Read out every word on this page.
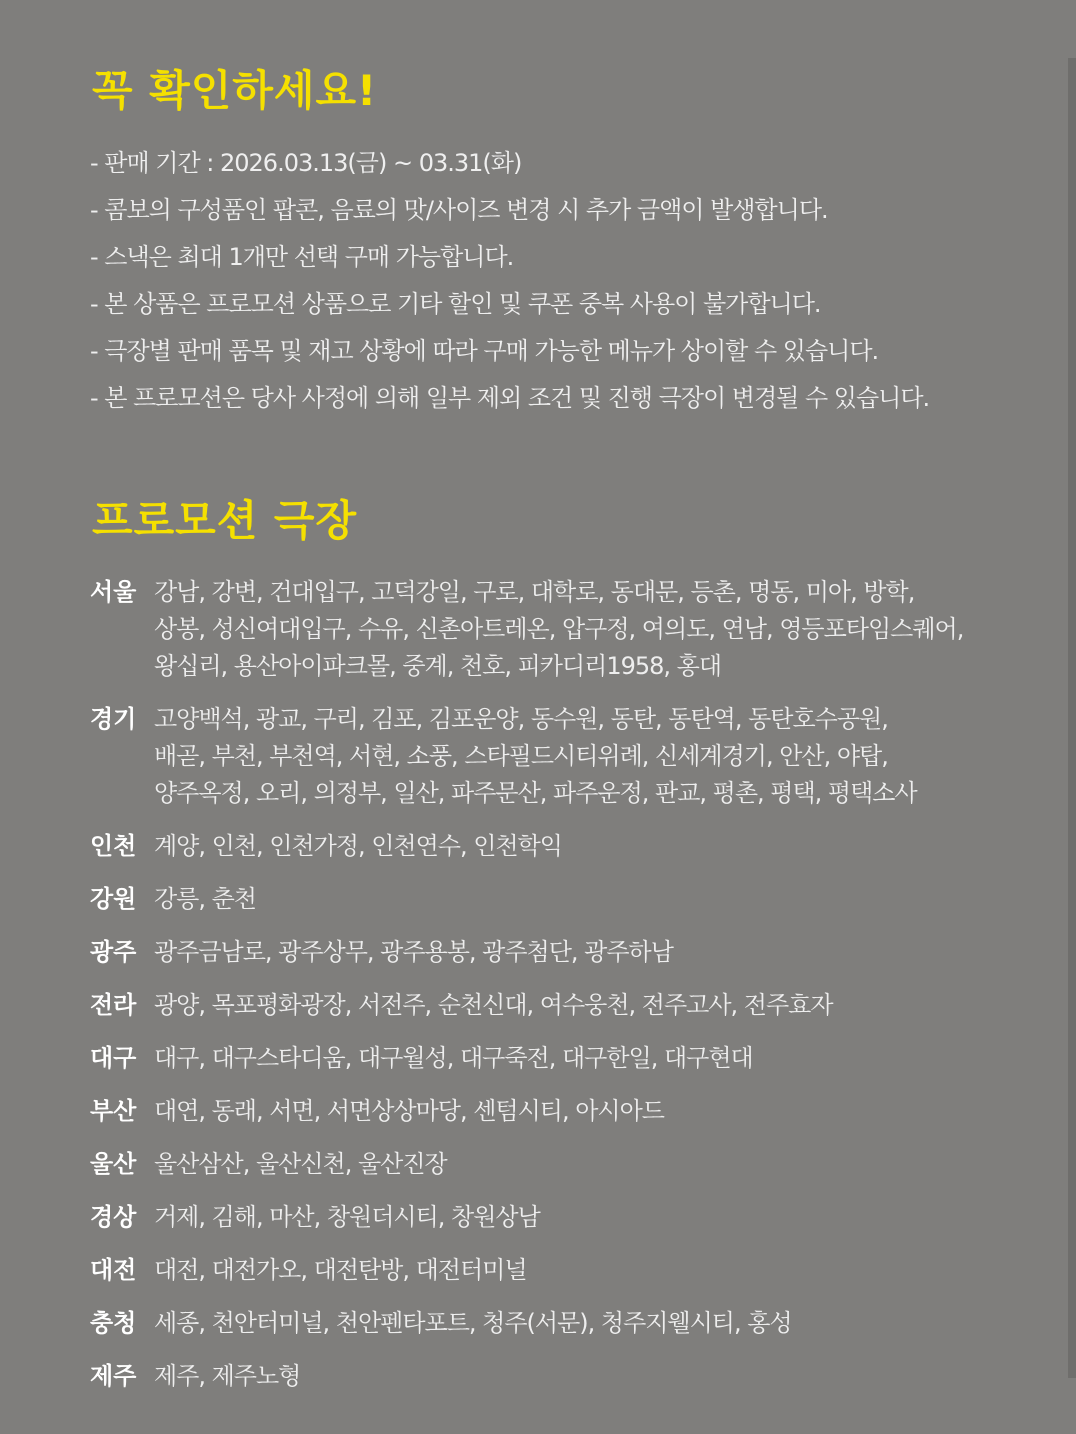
꼭 확인하세요!
- 판매 기간 : 2026.03.13(금) ~ 03.31(화)
- 콤보의 구성품인 팝콘, 음료의 맛/사이즈 변경 시 추가 금액이 발생합니다.
- 스낵은 최대 1개만 선택 구매 가능합니다.
- 본 상품은 프로모션 상품으로 기타 할인 및 쿠폰 중복 사용이 불가합니다.
- 극장별 판매 품목 및 재고 상황에 따라 구매 가능한 메뉴가 상이할 수 있습니다.
- 본 프로모션은 당사 사정에 의해 일부 제외 조건 및 진행 극장이 변경될 수 있습니다.
프로모션 극장
서울 강남, 강변, 건대입구, 고덕강일, 구로, 대학로, 동대문, 등촌, 명동, 미아, 방학,
상봉, 성신여대입구, 수유, 신촌아트레온, 압구정, 여의도, 연남, 영등포타임스퀘어,
왕십리, 용산아이파크몰, 중계, 천호, 피카디리1958, 홍대
경기 고양백석, 광교, 구리, 김포, 김포운양, 동수원, 동탄, 동탄역, 동탄호수공원,
배곧, 부천, 부천역, 서현, 소풍, 스타필드시티위례, 신세계경기, 안산, 야탑,
양주옥정, 오리, 의정부, 일산, 파주문산, 파주운정, 판교, 평촌, 평택, 평택소사
인천 계양, 인천, 인천가정, 인천연수, 인천학익
강원 강릉, 춘천
광주 광주금남로, 광주상무, 광주용봉, 광주첨단, 광주하남
전라 광양, 목포평화광장, 서전주, 순천신대, 여수웅천, 전주고사, 전주효자
대구 대구, 대구스타디움, 대구월성, 대구죽전, 대구한일, 대구현대
부산 대연, 동래, 서면, 서면상상마당, 센텀시티, 아시아드
울산 울산삼산, 울산신천, 울산진장
경상 거제, 김해, 마산, 창원더시티, 창원상남
대전 대전, 대전가오, 대전탄방, 대전터미널
충청 세종, 천안터미널, 천안펜타포트, 청주(서문), 청주지웰시티, 홍성
제주 제주, 제주노형
